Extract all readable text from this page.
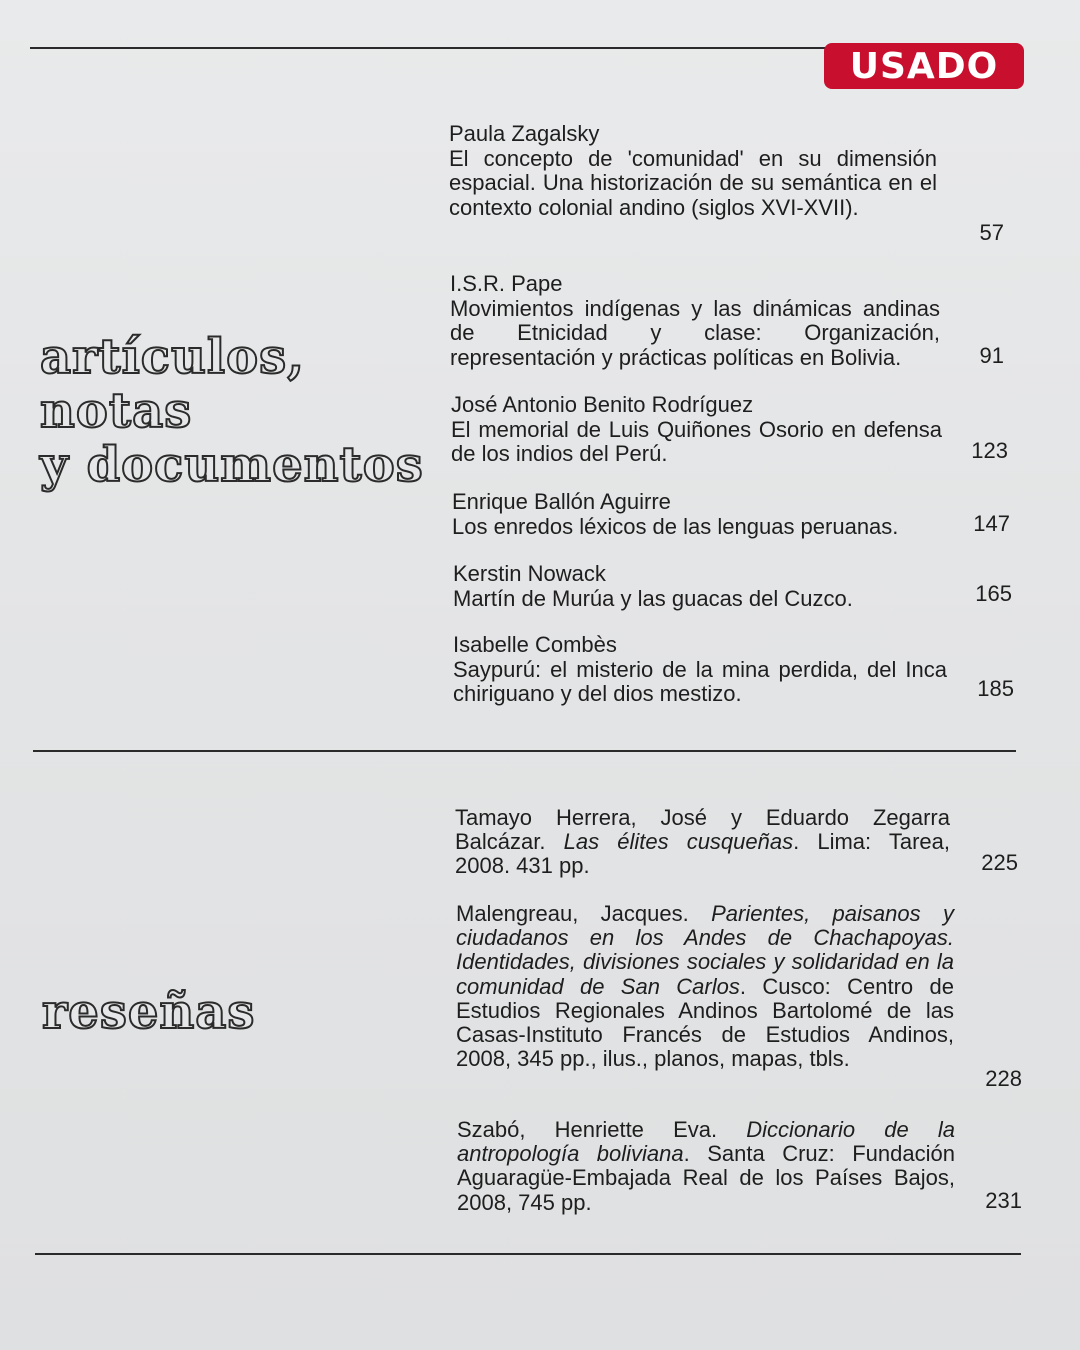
USADO
artículos,
notas
y documentos
Paula Zagalsky
El concepto de 'comunidad' en su dimensión espacial. Una historización de su semántica en el contexto colonial andino (siglos XVI-XVII).
57
I.S.R. Pape
Movimientos indígenas y las dinámicas andinas de Etnicidad y clase: Organización, representación y prácticas políticas en Bolivia.	91
José Antonio Benito Rodríguez
El memorial de Luis Quiñones Osorio en defensa de los indios del Perú.	123
Enrique Ballón Aguirre
Los enredos léxicos de las lenguas peruanas.	147
Kerstin Nowack
Martín de Murúa y las guacas del Cuzco.	165
Isabelle Combès
Saypurú: el misterio de la mina perdida, del Inca chiriguano y del dios mestizo.	185
reseñas
Tamayo Herrera, José y Eduardo Zegarra Balcázar. Las élites cusqueñas. Lima: Tarea, 2008. 431 pp.	225
Malengreau, Jacques. Parientes, paisanos y ciudadanos en los Andes de Chachapoyas. Identidades, divisiones sociales y solidaridad en la comunidad de San Carlos. Cusco: Centro de Estudios Regionales Andinos Bartolomé de las Casas-Instituto Francés de Estudios Andinos, 2008, 345 pp., ilus., planos, mapas, tbls.
228
Szabó, Henriette Eva. Diccionario de la antropología boliviana. Santa Cruz: Fundación Aguaragüe-Embajada Real de los Países Bajos, 2008, 745 pp.	231
